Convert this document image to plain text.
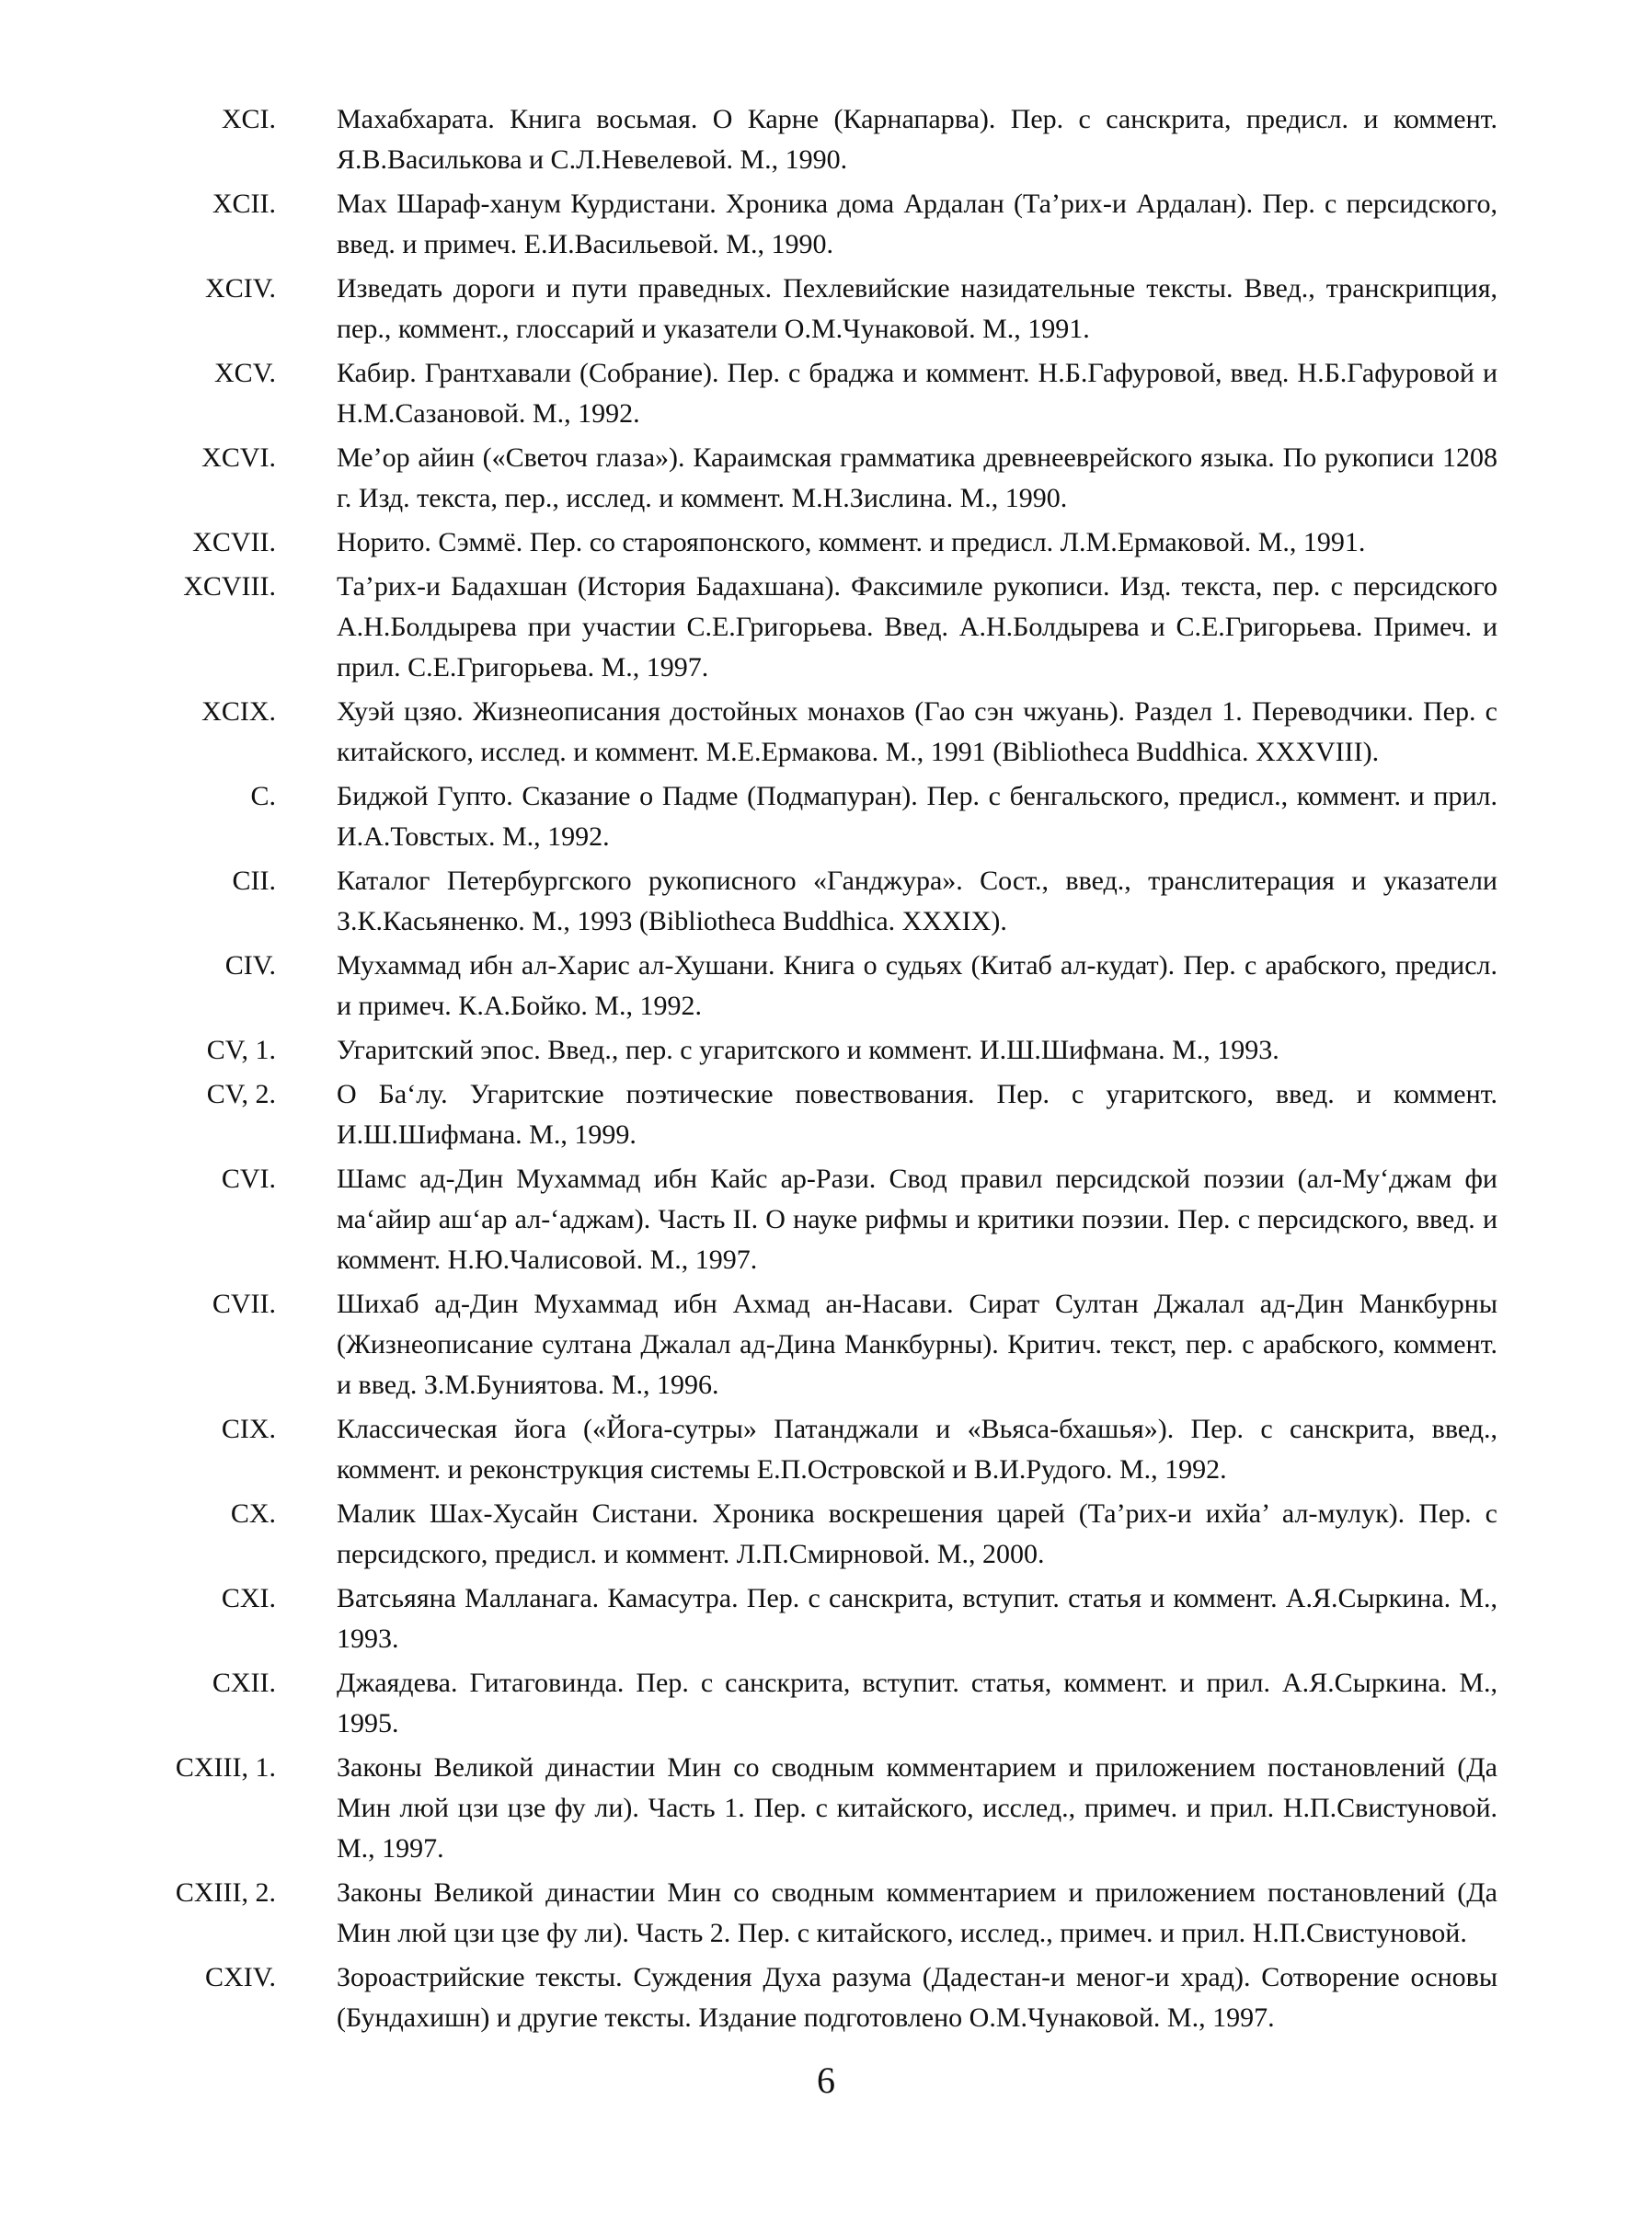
XCI. Махабхарата. Книга восьмая. О Карне (Карнапарва). Пер. с санскрита, предисл. и коммент. Я.В.Василькова и С.Л.Невелевой. М., 1990.
XCII. Мах Шараф-ханум Курдистани. Хроника дома Ардалан (Та’рих-и Ардалан). Пер. с персидского, введ. и примеч. Е.И.Васильевой. М., 1990.
XCIV. Изведать дороги и пути праведных. Пехлевийские назидательные тексты. Введ., транскрипция, пер., коммент., глоссарий и указатели О.М.Чунаковой. М., 1991.
XCV. Кабир. Грантхавали (Собрание). Пер. с браджа и коммент. Н.Б.Гафуровой, введ. Н.Б.Гафуровой и Н.М.Сазановой. М., 1992.
XCVI. Ме’ор айин («Светоч глаза»). Караимская грамматика древнееврейского языка. По рукописи 1208 г. Изд. текста, пер., исслед. и коммент. М.Н.Зислина. М., 1990.
XCVII. Норито. Сэммё. Пер. со старояпонского, коммент. и предисл. Л.М.Ермаковой. М., 1991.
XCVIII. Та’рих-и Бадахшан (История Бадахшана). Факсимиле рукописи. Изд. текста, пер. с персидского А.Н.Болдырева при участии С.Е.Григорьева. Введ. А.Н.Болдырева и С.Е.Григорьева. Примеч. и прил. С.Е.Григорьева. М., 1997.
XCIX. Хуэй цзяо. Жизнеописания достойных монахов (Гао сэн чжуань). Раздел 1. Переводчики. Пер. с китайского, исслед. и коммент. М.Е.Ермакова. М., 1991 (Bibliotheca Buddhica. XXXVIII).
C. Биджой Гупто. Сказание о Падме (Подмапуран). Пер. с бенгальского, предисл., коммент. и прил. И.А.Товстых. М., 1992.
CII. Каталог Петербургского рукописного «Ганджура». Сост., введ., транслитерация и указатели З.К.Касьяненко. М., 1993 (Bibliotheca Buddhica. XXXIX).
CIV. Мухаммад ибн ал-Харис ал-Хушани. Книга о судьях (Китаб ал-кудат). Пер. с арабского, предисл. и примеч. К.А.Бойко. М., 1992.
CV, 1. Угаритский эпос. Введ., пер. с угаритского и коммент. И.Ш.Шифмана. М., 1993.
CV, 2. О Ба‘лу. Угаритские поэтические повествования. Пер. с угаритского, введ. и коммент. И.Ш.Шифмана. М., 1999.
CVI. Шамс ад-Дин Мухаммад ибн Кайс ар-Рази. Свод правил персидской поэзии (ал-Му‘джам фи ма‘айир аш‘ар ал-‘аджам). Часть II. О науке рифмы и критики поэзии. Пер. с персидского, введ. и коммент. Н.Ю.Чалисовой. М., 1997.
CVII. Шихаб ад-Дин Мухаммад ибн Ахмад ан-Насави. Сират Султан Джалал ад-Дин Манкбурны (Жизнеописание султана Джалал ад-Дина Манкбурны). Критич. текст, пер. с арабского, коммент. и введ. З.М.Буниятова. М., 1996.
CIX. Классическая йога («Йога-сутры» Патанджали и «Вьяса-бхашья»). Пер. с санскрита, введ., коммент. и реконструкция системы Е.П.Островской и В.И.Рудого. М., 1992.
CX. Малик Шах-Хусайн Систани. Хроника воскрешения царей (Та’рих-и ихйа’ ал-мулук). Пер. с персидского, предисл. и коммент. Л.П.Смирновой. М., 2000.
CXI. Ватсьяяна Малланага. Камасутра. Пер. с санскрита, вступит. статья и коммент. А.Я.Сыркина. М., 1993.
CXII. Джаядева. Гитаговинда. Пер. с санскрита, вступит. статья, коммент. и прил. А.Я.Сыркина. М., 1995.
CXIII, 1. Законы Великой династии Мин со сводным комментарием и приложением постановлений (Да Мин люй цзи цзе фу ли). Часть 1. Пер. с китайского, исслед., примеч. и прил. Н.П.Свистуновой. М., 1997.
CXIII, 2. Законы Великой династии Мин со сводным комментарием и приложением постановлений (Да Мин люй цзи цзе фу ли). Часть 2. Пер. с китайского, исслед., примеч. и прил. Н.П.Свистуновой.
CXIV. Зороастрийские тексты. Суждения Духа разума (Дадестан-и меног-и храд). Сотворение основы (Бундахишн) и другие тексты. Издание подготовлено О.М.Чунаковой. М., 1997.
6
